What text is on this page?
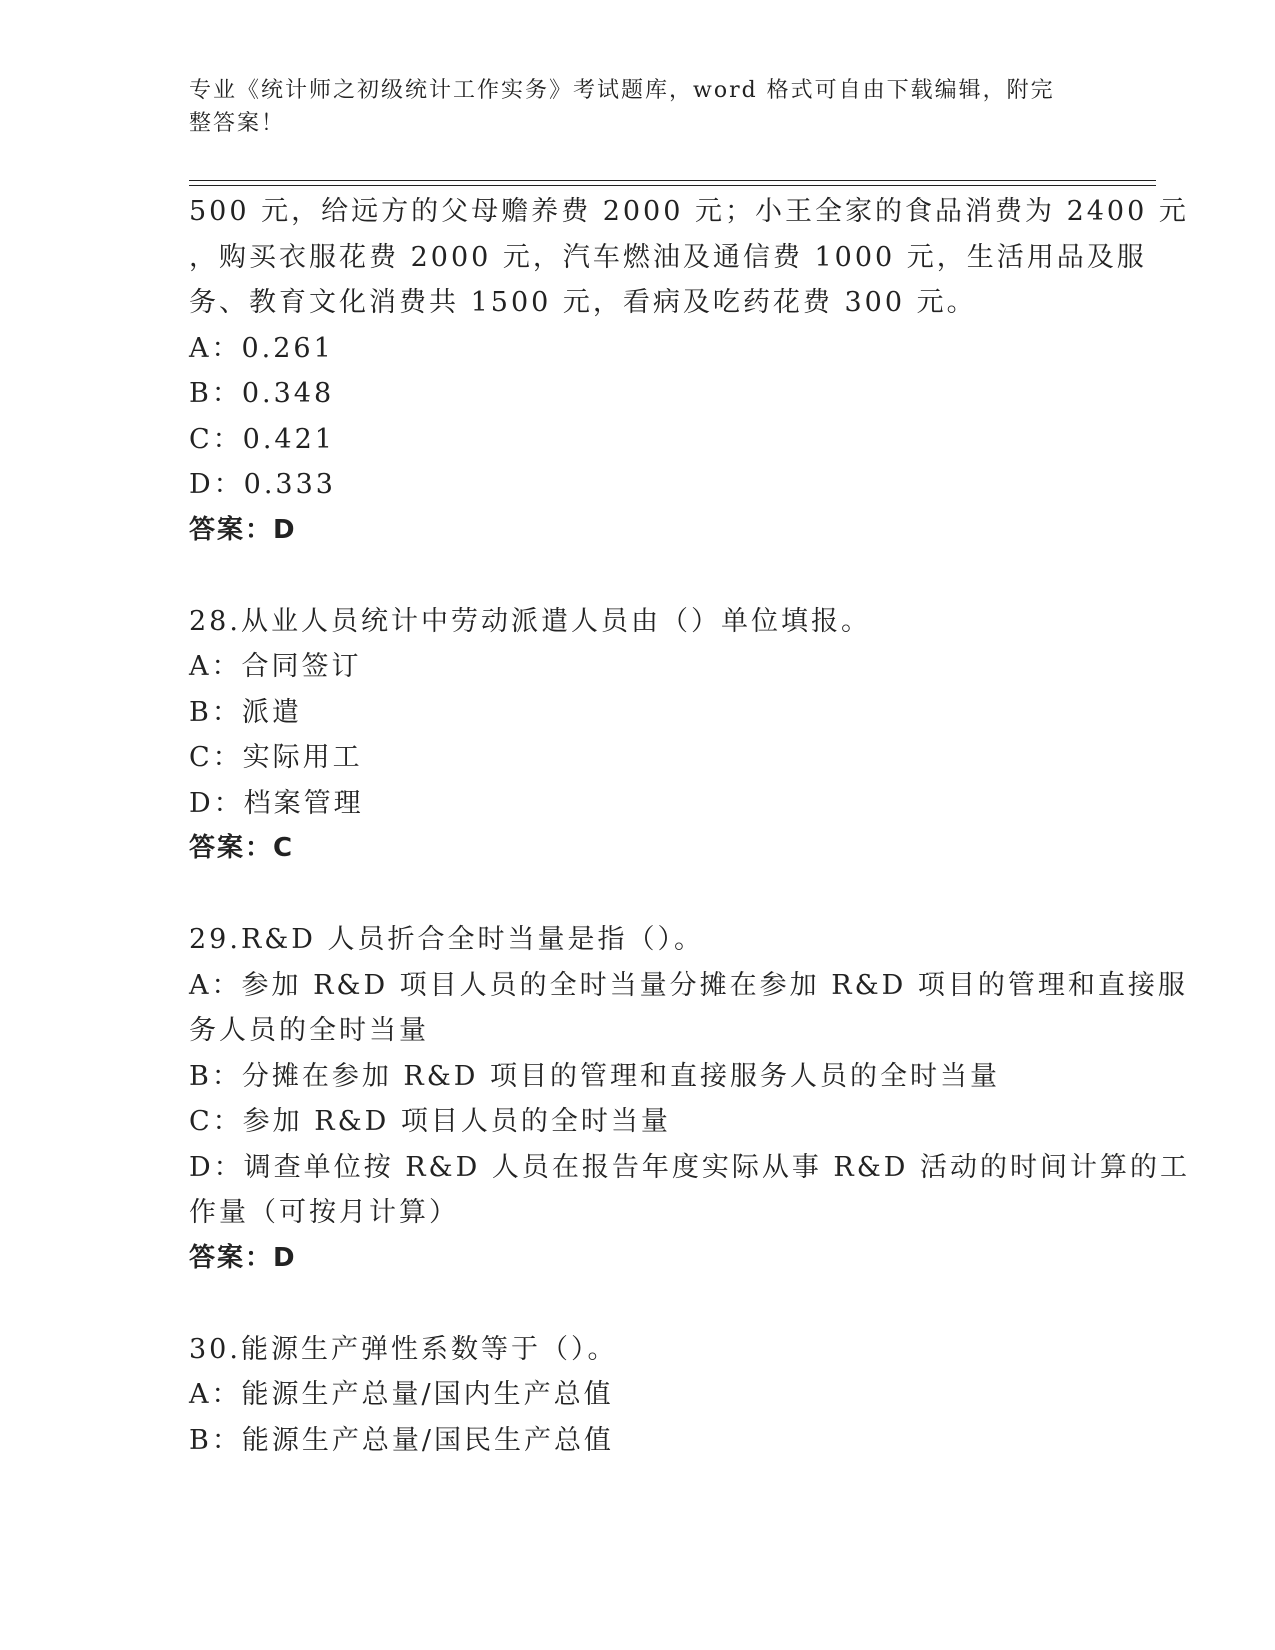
专业《统计师之初级统计工作实务》考试题库，word 格式可自由下载编辑，附完
整答案！
500 元，给远方的父母赡养费 2000 元；小王全家的食品消费为 2400 元
，购买衣服花费 2000 元，汽车燃油及通信费 1000 元，生活用品及服
务、教育文化消费共 1500 元，看病及吃药花费 300 元。
A：0.261
B：0.348
C：0.421
D：0.333
答案：D
28.从业人员统计中劳动派遣人员由（）单位填报。
A：合同签订
B：派遣
C：实际用工
D：档案管理
答案：C
29.R&D 人员折合全时当量是指（）。
A：参加 R&D 项目人员的全时当量分摊在参加 R&D 项目的管理和直接服
务人员的全时当量
B：分摊在参加 R&D 项目的管理和直接服务人员的全时当量
C：参加 R&D 项目人员的全时当量
D：调查单位按 R&D 人员在报告年度实际从事 R&D 活动的时间计算的工
作量（可按月计算）
答案：D
30.能源生产弹性系数等于（）。
A：能源生产总量/国内生产总值
B：能源生产总量/国民生产总值
